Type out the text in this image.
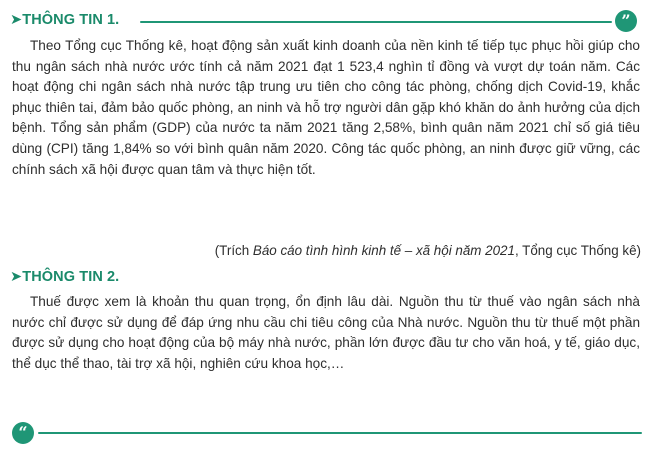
➤THÔNG TIN 1.	”
Theo Tổng cục Thống kê, hoạt động sản xuất kinh doanh của nền kinh tế tiếp tục phục hồi giúp cho thu ngân sách nhà nước ước tính cả năm 2021 đạt 1 523,4 nghìn tỉ đồng và vượt dự toán năm. Các hoạt động chi ngân sách nhà nước tập trung ưu tiên cho công tác phòng, chống dịch Covid-19, khắc phục thiên tai, đảm bảo quốc phòng, an ninh và hỗ trợ người dân gặp khó khăn do ảnh hưởng của dịch bệnh. Tổng sản phẩm (GDP) của nước ta năm 2021 tăng 2,58%, bình quân năm 2021 chỉ số giá tiêu dùng (CPI) tăng 1,84% so với bình quân năm 2020. Công tác quốc phòng, an ninh được giữ vững, các chính sách xã hội được quan tâm và thực hiện tốt.
(Trích Báo cáo tình hình kinh tế – xã hội năm 2021, Tổng cục Thống kê)
➤THÔNG TIN 2.
Thuế được xem là khoản thu quan trọng, ổn định lâu dài. Nguồn thu từ thuế vào ngân sách nhà nước chỉ được sử dụng để đáp ứng nhu cầu chi tiêu công của Nhà nước. Nguồn thu từ thuế một phần được sử dụng cho hoạt động của bộ máy nhà nước, phần lớn được đầu tư cho văn hoá, y tế, giáo dục, thể dục thể thao, tài trợ xã hội, nghiên cứu khoa học,…
“
